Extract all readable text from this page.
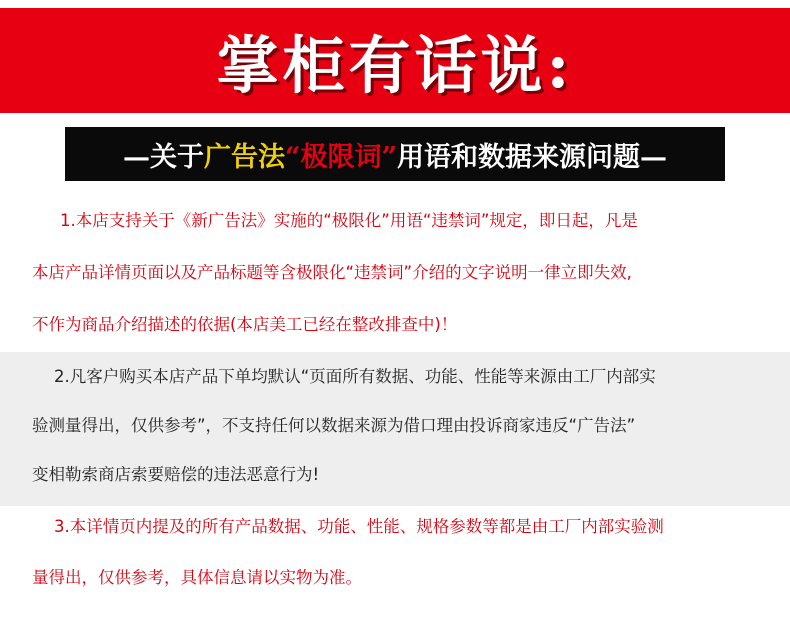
掌柜有话说:
—关于广告法“极限词”用语和数据来源问题—
1.本店支持关于《新广告法》实施的“极限化”用语“违禁词”规定，即日起，凡是
本店产品详情页面以及产品标题等含极限化“违禁词”介绍的文字说明一律立即失效,
不作为商品介绍描述的依据(本店美工已经在整改排查中)！
2.凡客户购买本店产品下单均默认“页面所有数据、功能、性能等来源由工厂内部实
验测量得出，仅供参考”，不支持任何以数据来源为借口理由投诉商家违反“广告法”
变相勒索商店索要赔偿的违法恶意行为!
3.本详情页内提及的所有产品数据、功能、性能、规格参数等都是由工厂内部实验测
量得出，仅供参考，具体信息请以实物为准。
